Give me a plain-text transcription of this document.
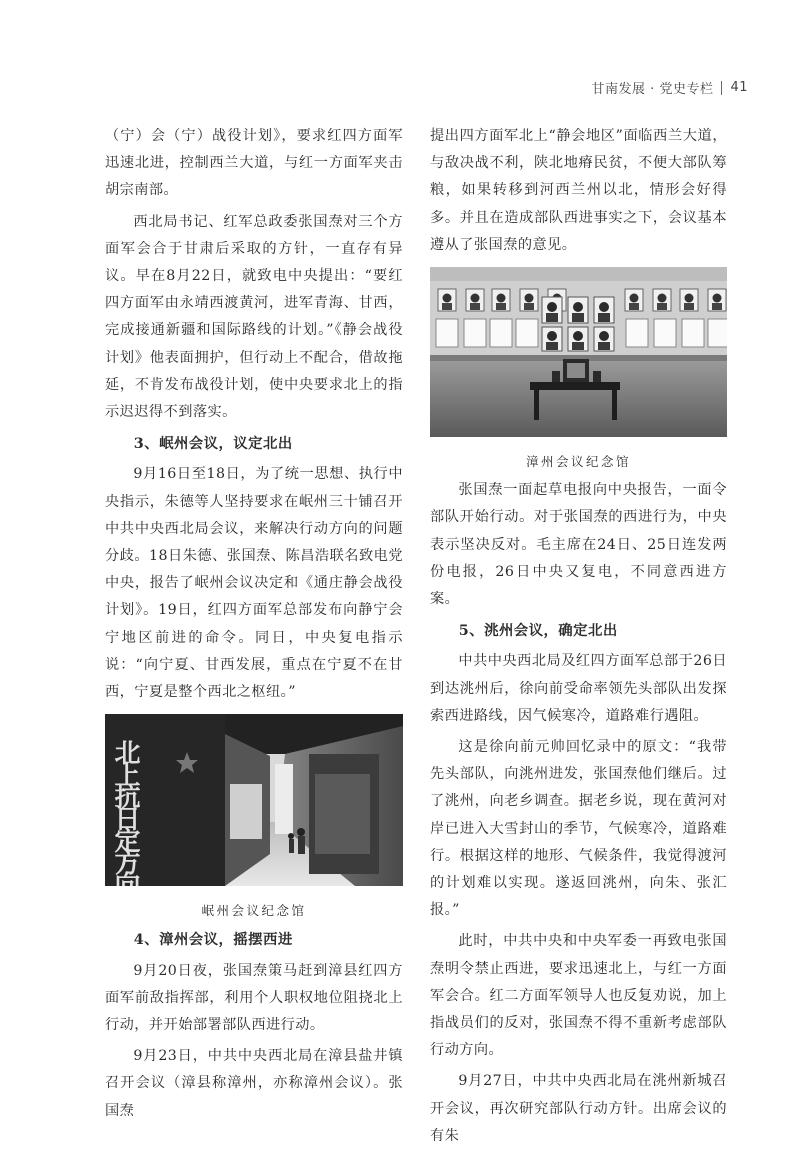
甘南发展 · 党史专栏 41

（宁）会（宁）战役计划》，要求红四方面军迅速北进，控制西兰大道，与红一方面军夹击胡宗南部。

西北局书记、红军总政委张国焘对三个方面军会合于甘肃后采取的方针，一直存有异议。早在8月22日，就致电中央提出：“要红四方面军由永靖西渡黄河，进军青海、甘西，完成接通新疆和国际路线的计划。”《静会战役计划》他表面拥护，但行动上不配合，借故拖延，不肯发布战役计划，使中央要求北上的指示迟迟得不到落实。

3、岷州会议，议定北出

9月16日至18日，为了统一思想、执行中央指示，朱德等人坚持要求在岷州三十铺召开中共中央西北局会议，来解决行动方向的问题分歧。18日朱德、张国焘、陈昌浩联名致电党中央，报告了岷州会议决定和《通庄静会战役计划》。19日，红四方面军总部发布向静宁会宁地区前进的命令。同日，中央复电指示说：“向宁夏、甘西发展，重点在宁夏不在甘西，宁夏是整个西北之枢纽。”

北上抗日定方向
岷州会议纪念馆
4、漳州会议，摇摆西进

9月20日夜，张国焘策马赶到漳县红四方面军前敌指挥部，利用个人职权地位阻挠北上行动，并开始部署部队西进行动。

9月23日，中共中央西北局在漳县盐井镇召开会议（漳县称漳州，亦称漳州会议）。张国焘

提出四方面军北上“静会地区”面临西兰大道，与敌决战不利，陕北地瘠民贫，不便大部队筹粮，如果转移到河西兰州以北，情形会好得多。并且在造成部队西进事实之下，会议基本遵从了张国焘的意见。

漳州会议纪念馆

张国焘一面起草电报向中央报告，一面令部队开始行动。对于张国焘的西进行为，中央表示坚决反对。毛主席在24日、25日连发两份电报，26日中央又复电，不同意西进方案。

5、洮州会议，确定北出

中共中央西北局及红四方面军总部于26日到达洮州后，徐向前受命率领先头部队出发探索西进路线，因气候寒冷，道路难行遇阻。

这是徐向前元帅回忆录中的原文：“我带先头部队，向洮州进发，张国焘他们继后。过了洮州，向老乡调查。据老乡说，现在黄河对岸已进入大雪封山的季节，气候寒冷，道路难行。根据这样的地形、气候条件，我觉得渡河的计划难以实现。遂返回洮州，向朱、张汇报。”

此时，中共中央和中央军委一再致电张国焘明令禁止西进，要求迅速北上，与红一方面军会合。红二方面军领导人也反复劝说，加上指战员们的反对，张国焘不得不重新考虑部队行动方向。

9月27日，中共中央西北局在洮州新城召开会议，再次研究部队行动方针。出席会议的有朱
